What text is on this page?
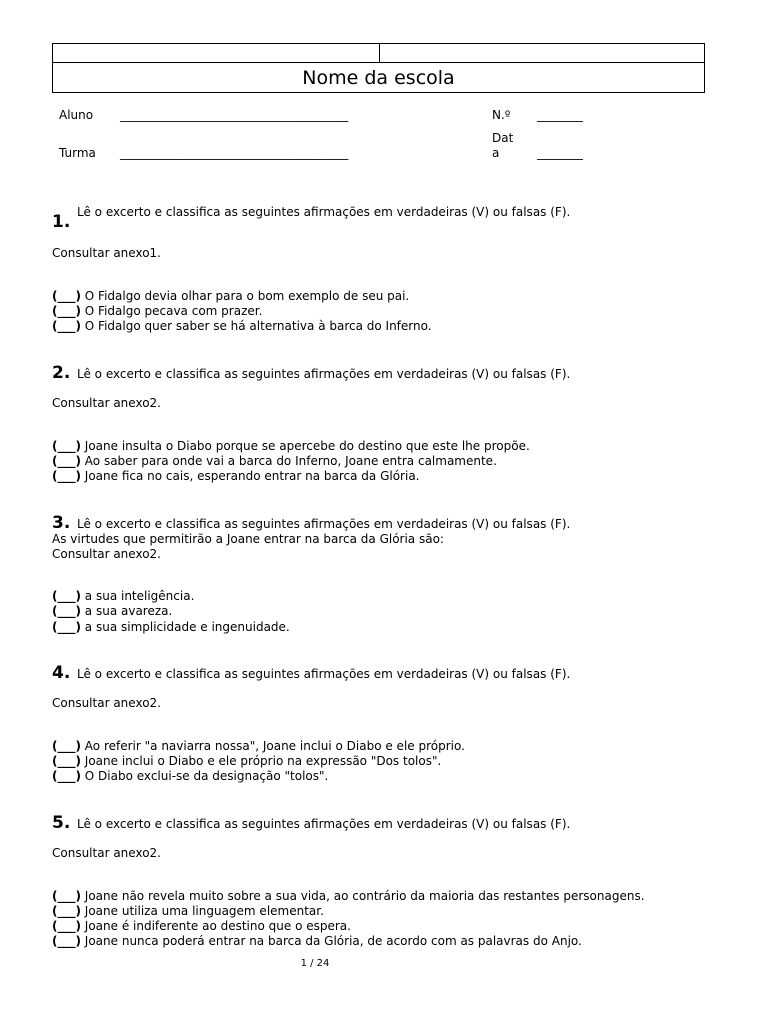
Nome da escola
Aluno ________________________________________	N.º ________
Turma ________________________________________
Dat
a	________
1. Lê o excerto e classifica as seguintes afirmações em verdadeiras (V) ou falsas (F).
Consultar anexo1.
(___) O Fidalgo devia olhar para o bom exemplo de seu pai.
(___) O Fidalgo pecava com prazer.
(___) O Fidalgo quer saber se há alternativa à barca do Inferno.
2. Lê o excerto e classifica as seguintes afirmações em verdadeiras (V) ou falsas (F).
Consultar anexo2.
(___) Joane insulta o Diabo porque se apercebe do destino que este lhe propõe.
(___) Ao saber para onde vai a barca do Inferno, Joane entra calmamente.
(___) Joane fica no cais, esperando entrar na barca da Glória.
3. Lê o excerto e classifica as seguintes afirmações em verdadeiras (V) ou falsas (F).
As virtudes que permitirão a Joane entrar na barca da Glória são:
Consultar anexo2.
(___) a sua inteligência.
(___) a sua avareza.
(___) a sua simplicidade e ingenuidade.
4. Lê o excerto e classifica as seguintes afirmações em verdadeiras (V) ou falsas (F).
Consultar anexo2.
(___) Ao referir "a naviarra nossa", Joane inclui o Diabo e ele próprio.
(___) Joane inclui o Diabo e ele próprio na expressão "Dos tolos".
(___) O Diabo exclui-se da designação "tolos".
5. Lê o excerto e classifica as seguintes afirmações em verdadeiras (V) ou falsas (F).
Consultar anexo2.
(___) Joane não revela muito sobre a sua vida, ao contrário da maioria das restantes personagens.
(___) Joane utiliza uma linguagem elementar.
(___) Joane é indiferente ao destino que o espera.
(___) Joane nunca poderá entrar na barca da Glória, de acordo com as palavras do Anjo.
1 / 24
